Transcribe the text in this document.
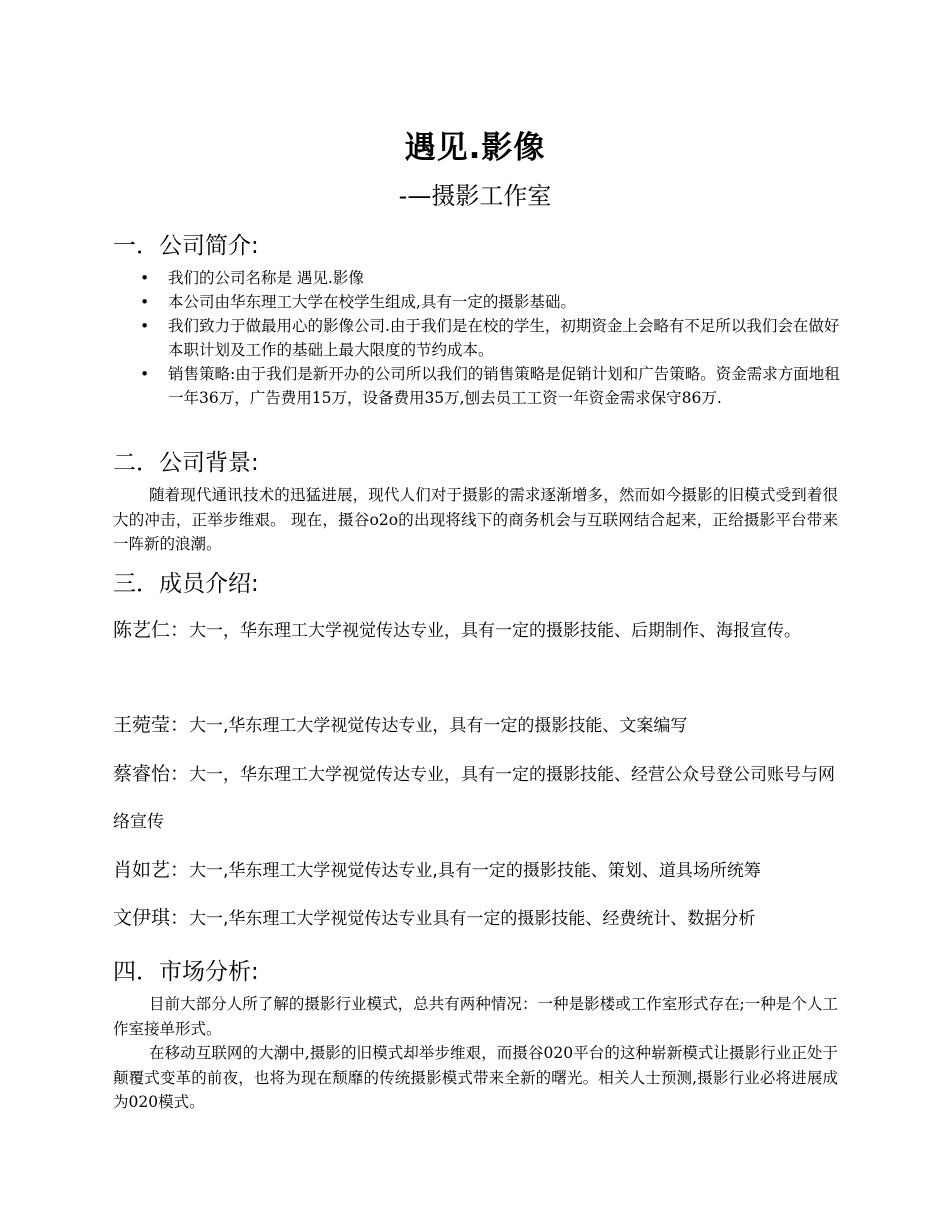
遇见.影像
-—摄影工作室
一．公司简介:
• 我们的公司名称是 遇见.影像
• 本公司由华东理工大学在校学生组成,具有一定的摄影基础。
• 我们致力于做最用心的影像公司.由于我们是在校的学生，初期资金上会略有不足所以我们会在做好本职计划及工作的基础上最大限度的节约成本。
• 销售策略:由于我们是新开办的公司所以我们的销售策略是促销计划和广告策略。资金需求方面地租一年36万，广告费用15万，设备费用35万,刨去员工工资一年资金需求保守86万.
二．公司背景:

随着现代通讯技术的迅猛进展，现代人们对于摄影的需求逐渐增多，然而如今摄影的旧模式受到着很大的冲击，正举步维艰。 现在，摄谷o2o的出现将线下的商务机会与互联网结合起来，正给摄影平台带来一阵新的浪潮。

三．成员介绍:

陈艺仁：大一，华东理工大学视觉传达专业，具有一定的摄影技能、后期制作、海报宣传。

王菀莹：大一,华东理工大学视觉传达专业，具有一定的摄影技能、文案编写

蔡睿怡：大一，华东理工大学视觉传达专业，具有一定的摄影技能、经营公众号登公司账号与网络宣传

肖如艺：大一,华东理工大学视觉传达专业,具有一定的摄影技能、策划、道具场所统筹

文伊琪：大一,华东理工大学视觉传达专业具有一定的摄影技能、经费统计、数据分析

四．市场分析:

目前大部分人所了解的摄影行业模式，总共有两种情况：一种是影楼或工作室形式存在;一种是个人工作室接单形式。

在移动互联网的大潮中,摄影的旧模式却举步维艰，而摄谷020平台的这种崭新模式让摄影行业正处于颠覆式变革的前夜，也将为现在颓靡的传统摄影模式带来全新的曙光。相关人士预测,摄影行业必将进展成为020模式。
